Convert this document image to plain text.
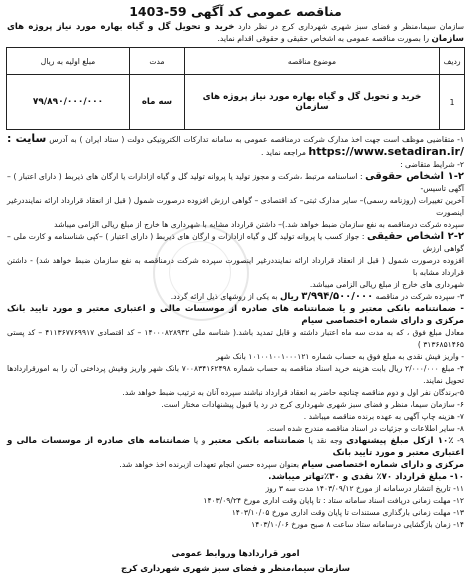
مناقصه عمومی کد آگهی 59-1403
سازمان سیما،منظر و فضای سبز شهری شهرداری کرج در نظر دارد خرید و تحویل گل و گیاه بهاره مورد نیاز پروژه های سازمان را بصورت مناقصه عمومی به اشخاص حقیقی و حقوقی اقدام نماید.
ردیف	موضوع مناقصه	مدت	مبلغ اولیه به ریال
1	خرید و تحویل گل و گیاه بهاره مورد نیاز پروژه های سازمان	سه ماه	۷۹/۸۹۰/۰۰۰/۰۰۰
۱- متقاضیی موظف است جهت اخذ مدارک شرکت درمناقصه عمومی به سامانه تدارکات الکترونیکی دولت ( ستاد ایران ) به آدرس سایت : https://www.setadiran.ir/ مراجعه نماید .
۲- شرایط متقاضی :
۱-۲ اشخاص حقوقی : اساسنامه مرتبط ،شرکت و مجوز تولید یا پروانه تولید گل و گیاه ازادارات یا ارگان های ذیربط ( دارای اعتبار ) – آگهی تاسیس-
آخرین تغییرات (روزنامه رسمی)– سایر مدارک ثبتی– کد اقتصادی – گواهی ارزش افزوده درصورت شمول ( قبل از انعقاد قرارداد ارائه نماینددرغیر اینصورت
سپرده شرکت درمناقصه به نفع سازمان ضبط خواهد شد.)– داشتن قرارداد مشابه با شهرداری ها خارج از مبلغ ریالی الزامی میباشد
۲-۲ اشخاص حقیقی : جواز کسب یا پروانه تولید گل و گیاه ازادارات و ارگان های ذیربط ( دارای اعتبار ) –کپی شناسنامه و کارت ملی – گواهی ارزش
افزوده درصورت شمول ( قبل از انعقاد قرارداد ارائه نماینددرغیر اینصورت سپرده شرکت درمناقصه به نفع سازمان ضبط خواهد شد) - داشتن قرارداد مشابه با
شهرداری های خارج از مبلغ ریالی الزامی میباشد.
۳- سپرده شرکت در مناقصه ۳/۹۹۴/۵۰۰/۰۰۰ ریال به یکی از روشهای ذیل ارائه گردد.
- ضمانتنامه بانکی معتبر و یا ضمانتنامه های صادره از موسسات مالی و اعتباری معتبر و مورد تایید بانک مرکزی و دارای شماره اختصاصی سیام
معادل مبلغ فوق ، که به مدت سه ماه اعتبار داشته و قابل تمدید باشد.( شناسه ملی ۱۴۰۰۰۸۲۸۹۴۲ – کد اقتصادی ۴۱۱۳۶۷۷۶۹۹۱۷ – کد پستی ۳۱۳۶۸۵۱۴۶۵ )
- واریز فیش نقدی به مبلغ فوق به حساب شماره ۱۰۱۰۰۱۰۰۱۰۰۰۱۲۱ بانک شهر
۴- مبلغ ۲/۰۰۰/۰۰۰ ریال بابت هزینه خرید اسناد مناقصه به حساب شماره ۷۰۰۸۳۴۱۶۲۴۹۸ بانک شهر واریز وفیش پرداختی آن را به امورقراردادها تحویل نمایند.
۵-برندگان نفر اول و دوم مناقصه چنانچه حاضر به انعقاد قرارداد نباشند سپرده آنان به ترتیب ضبط خواهد شد.
۶- سازمان سیما، منظر و فضای سبز شهری شهرداری کرج در رد یا قبول پیشنهادات مختار است.
۷- هزینه چاپ آگهی به عهده برنده مناقصه میباشد .
۸- سایر اطلاعات و جزئیات در اسناد مناقصه مندرج شده است.
۹- ۱۰٪ ازکل مبلغ پیشنهادی وجه نقد یا ضمانتنامه بانکی معتبر و یا ضمانتنامه های صادره از موسسات مالی و اعتباری معتبر و مورد تایید بانک
مرکزی و دارای شماره اختصاصی سیام بعنوان سپرده حسن انجام تعهدات ازبرنده اخذ خواهد شد.
۱۰- مبلغ قرارداد ۷۰٪ نقدی و ۳۰٪تهاتر میباشد.
۱۱- تاریخ انتشار درسامانه از مورخ ۱۴۰۳/۰۹/۱۲ مدت سه ۳ روز
۱۲- مهلت زمانی دریافت اسناد سامانه ستاد : تا پایان وقت اداری مورخ ۱۴۰۳/۰۹/۲۴
۱۳- مهلت زمانی بارگذاری مستندات تا پایان وقت اداری مورخ ۱۴۰۳/۱۰/۰۵
۱۴- زمان بازگشایی درسامانه ستاد ساعت ۸ صبح مورخ ۱۴۰۳/۱۰/۰۶
امور قراردادها وروابط عمومی
سازمان سیما،منظر و فضای سبز شهری شهرداری کرج
